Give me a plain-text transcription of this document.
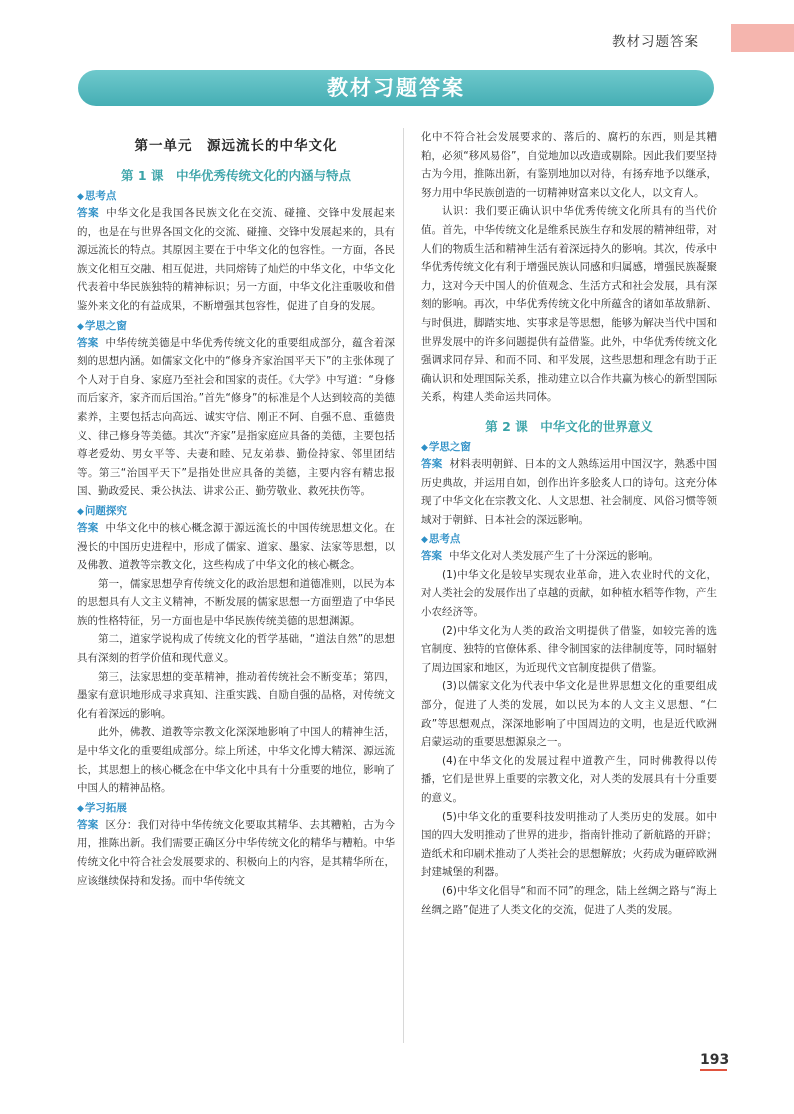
教材习题答案
教材习题答案
第一单元　源远流长的中华文化
第 1 课　中华优秀传统文化的内涵与特点
◆ 思考点

答案 中华文化是我国各民族文化在交流、碰撞、交锋中发展起来的，也是在与世界各国文化的交流、碰撞、交锋中发展起来的，具有源远流长的特点。其原因主要在于中华文化的包容性。一方面，各民族文化相互交融、相互促进，共同熔铸了灿烂的中华文化，中华文化代表着中华民族独特的精神标识；另一方面，中华文化注重吸收和借鉴外来文化的有益成果，不断增强其包容性，促进了自身的发展。

◆ 学思之窗

答案 中华传统美德是中华优秀传统文化的重要组成部分，蕴含着深刻的思想内涵。如儒家文化中的“修身齐家治国平天下”的主张体现了个人对于自身、家庭乃至社会和国家的责任。《大学》中写道：“身修而后家齐，家齐而后国治。”首先“修身”的标准是个人达到较高的美德素养，主要包括志向高远、诚实守信、刚正不阿、自强不息、重德贵义、律己修身等美德。其次“齐家”是指家庭应具备的美德，主要包括尊老爱幼、男女平等、夫妻和睦、兄友弟恭、勤俭持家、邻里团结等。第三“治国平天下”是指处世应具备的美德，主要内容有精忠报国、勤政爱民、秉公执法、讲求公正、勤劳敬业、救死扶伤等。

◆ 问题探究

答案 中华文化中的核心概念源于源远流长的中国传统思想文化。在漫长的中国历史进程中，形成了儒家、道家、墨家、法家等思想，以及佛教、道教等宗教文化，这些构成了中华文化的核心概念。

第一，儒家思想孕育传统文化的政治思想和道德准则，以民为本的思想具有人文主义精神，不断发展的儒家思想一方面塑造了中华民族的性格特征，另一方面也是中华民族传统美德的思想渊源。

第二，道家学说构成了传统文化的哲学基础，“道法自然”的思想具有深刻的哲学价值和现代意义。

第三，法家思想的变革精神，推动着传统社会不断变革；第四，墨家有意识地形成寻求真知、注重实践、自励自强的品格，对传统文化有着深远的影响。

此外，佛教、道教等宗教文化深深地影响了中国人的精神生活，是中华文化的重要组成部分。综上所述，中华文化博大精深、源远流长，其思想上的核心概念在中华文化中具有十分重要的地位，影响了中国人的精神品格。

◆ 学习拓展

答案 区分：我们对待中华传统文化要取其精华、去其糟粕，古为今用，推陈出新。我们需要正确区分中华传统文化的精华与糟粕。中华传统文化中符合社会发展要求的、积极向上的内容，是其精华所在，应该继续保持和发扬。而中华传统文

化中不符合社会发展要求的、落后的、腐朽的东西，则是其糟粕，必须“移风易俗”，自觉地加以改造或剔除。因此我们要坚持古为今用，推陈出新，有鉴别地加以对待，有扬弃地予以继承，努力用中华民族创造的一切精神财富来以文化人，以文育人。

认识：我们要正确认识中华优秀传统文化所具有的当代价值。首先，中华传统文化是维系民族生存和发展的精神纽带，对人们的物质生活和精神生活有着深远持久的影响。其次，传承中华优秀传统文化有利于增强民族认同感和归属感，增强民族凝聚力，这对今天中国人的价值观念、生活方式和社会发展，具有深刻的影响。再次，中华优秀传统文化中所蕴含的诸如革故鼎新、与时俱进，脚踏实地、实事求是等思想，能够为解决当代中国和世界发展中的许多问题提供有益借鉴。此外，中华优秀传统文化强调求同存异、和而不同、和平发展，这些思想和理念有助于正确认识和处理国际关系，推动建立以合作共赢为核心的新型国际关系，构建人类命运共同体。

第 2 课　中华文化的世界意义
◆ 学思之窗

答案 材料表明朝鲜、日本的文人熟练运用中国汉字，熟悉中国历史典故，并运用自如，创作出许多脍炙人口的诗句。这充分体现了中华文化在宗教文化、人文思想、社会制度、风俗习惯等领域对于朝鲜、日本社会的深远影响。

◆ 思考点

答案 中华文化对人类发展产生了十分深远的影响。

(1)中华文化是较早实现农业革命，进入农业时代的文化，对人类社会的发展作出了卓越的贡献，如种植水稻等作物，产生小农经济等。

(2)中华文化为人类的政治文明提供了借鉴，如较完善的选官制度、独特的官僚体系、律令制国家的法律制度等，同时辐射了周边国家和地区，为近现代文官制度提供了借鉴。

(3)以儒家文化为代表中华文化是世界思想文化的重要组成部分，促进了人类的发展，如以民为本的人文主义思想、“仁政”等思想观点，深深地影响了中国周边的文明，也是近代欧洲启蒙运动的重要思想源泉之一。

(4)在中华文化的发展过程中道教产生，同时佛教得以传播，它们是世界上重要的宗教文化，对人类的发展具有十分重要的意义。

(5)中华文化的重要科技发明推动了人类历史的发展。如中国的四大发明推动了世界的进步，指南针推动了新航路的开辟；造纸术和印刷术推动了人类社会的思想解放；火药成为砸碎欧洲封建城堡的利器。

(6)中华文化倡导“和而不同”的理念，陆上丝绸之路与“海上丝绸之路”促进了人类文化的交流，促进了人类的发展。

193
